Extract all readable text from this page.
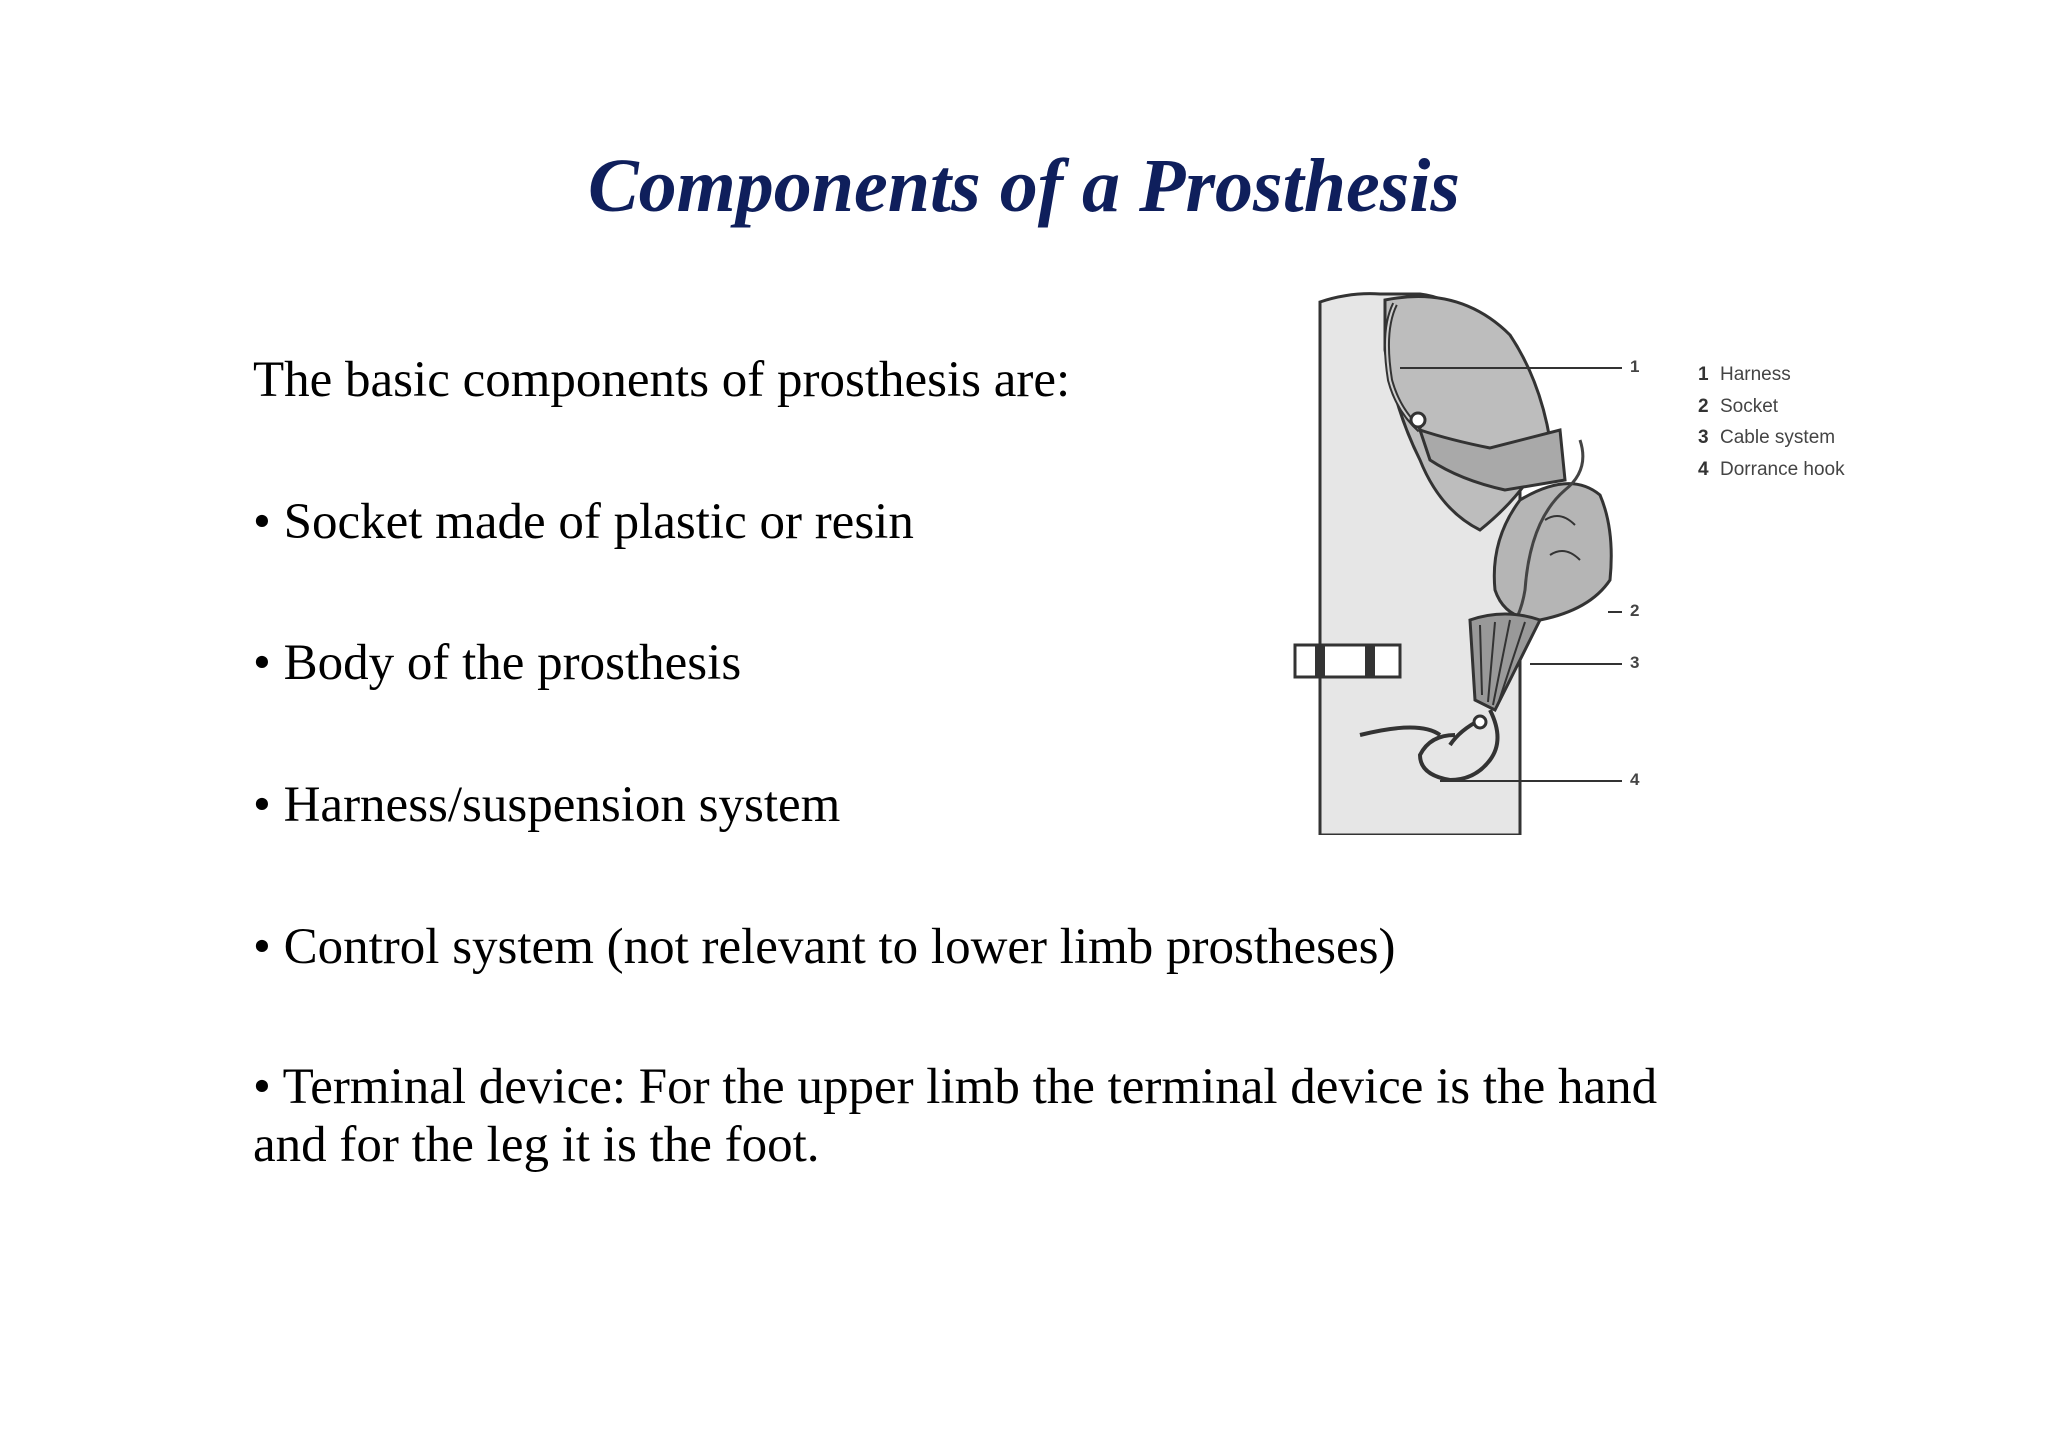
Components of a Prosthesis
The basic components of prosthesis are:
• Socket made of plastic or resin
• Body of the prosthesis
• Harness/suspension system
• Control system (not relevant to lower limb prostheses)
• Terminal device: For the upper limb the terminal device is the hand
and for the leg it is the foot.
1
2
3
4
1 Harness
2 Socket
3 Cable system
4 Dorrance hook
